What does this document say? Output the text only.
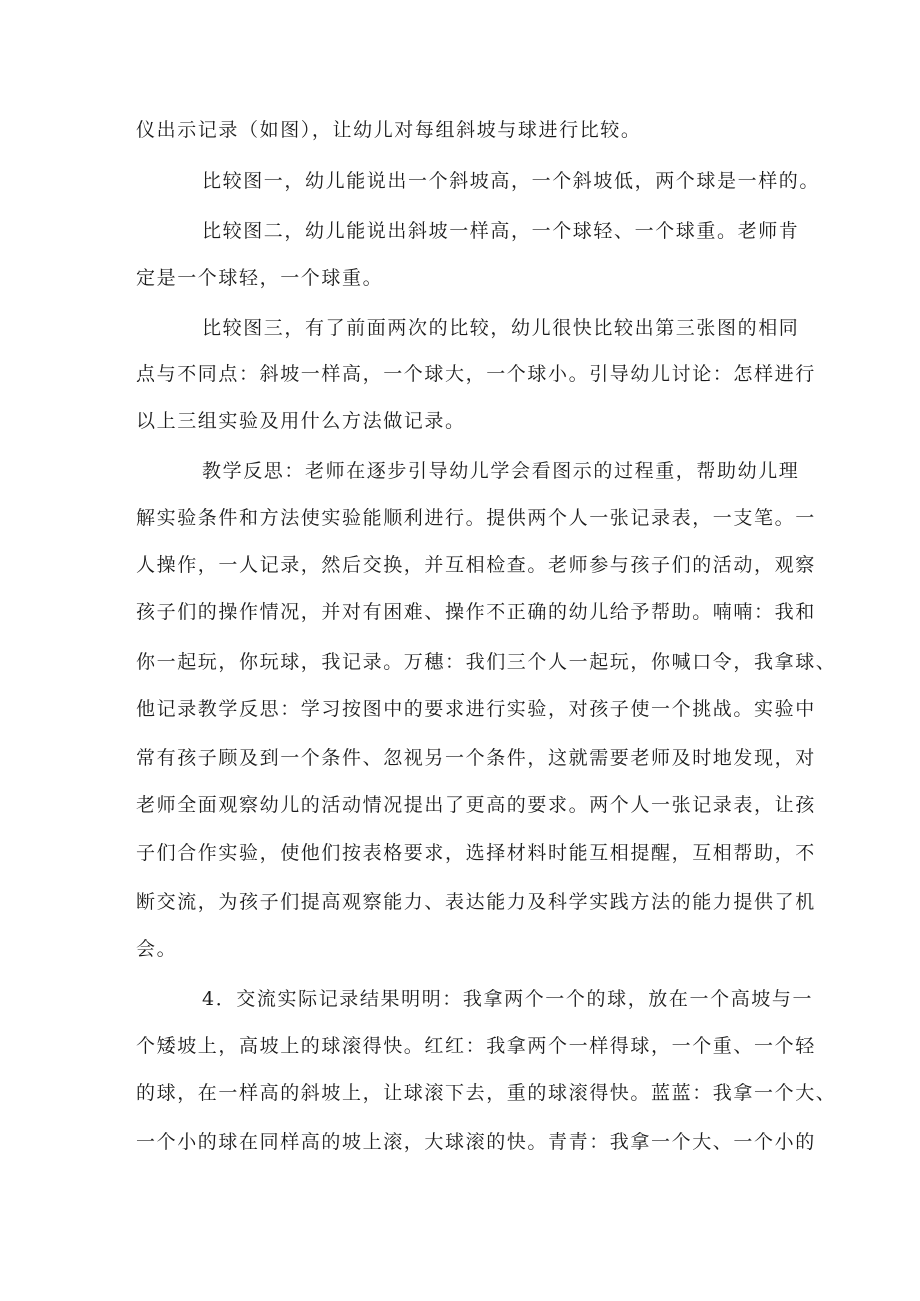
仪出示记录（如图），让幼儿对每组斜坡与球进行比较。
比较图一，幼儿能说出一个斜坡高，一个斜坡低，两个球是一样的。
比较图二，幼儿能说出斜坡一样高，一个球轻、一个球重。老师肯
定是一个球轻，一个球重。
比较图三，有了前面两次的比较，幼儿很快比较出第三张图的相同
点与不同点：斜坡一样高，一个球大，一个球小。引导幼儿讨论：怎样进行
以上三组实验及用什么方法做记录。
教学反思：老师在逐步引导幼儿学会看图示的过程重，帮助幼儿理
解实验条件和方法使实验能顺利进行。提供两个人一张记录表，一支笔。一
人操作，一人记录，然后交换，并互相检查。老师参与孩子们的活动，观察
孩子们的操作情况，并对有困难、操作不正确的幼儿给予帮助。喃喃：我和
你一起玩，你玩球，我记录。万穗：我们三个人一起玩，你喊口令，我拿球、
他记录教学反思：学习按图中的要求进行实验，对孩子使一个挑战。实验中
常有孩子顾及到一个条件、忽视另一个条件，这就需要老师及时地发现，对
老师全面观察幼儿的活动情况提出了更高的要求。两个人一张记录表，让孩
子们合作实验，使他们按表格要求，选择材料时能互相提醒，互相帮助，不
断交流，为孩子们提高观察能力、表达能力及科学实践方法的能力提供了机
会。
4．交流实际记录结果明明：我拿两个一个的球，放在一个高坡与一
个矮坡上，高坡上的球滚得快。红红：我拿两个一样得球，一个重、一个轻
的球，在一样高的斜坡上，让球滚下去，重的球滚得快。蓝蓝：我拿一个大、
一个小的球在同样高的坡上滚，大球滚的快。青青：我拿一个大、一个小的
